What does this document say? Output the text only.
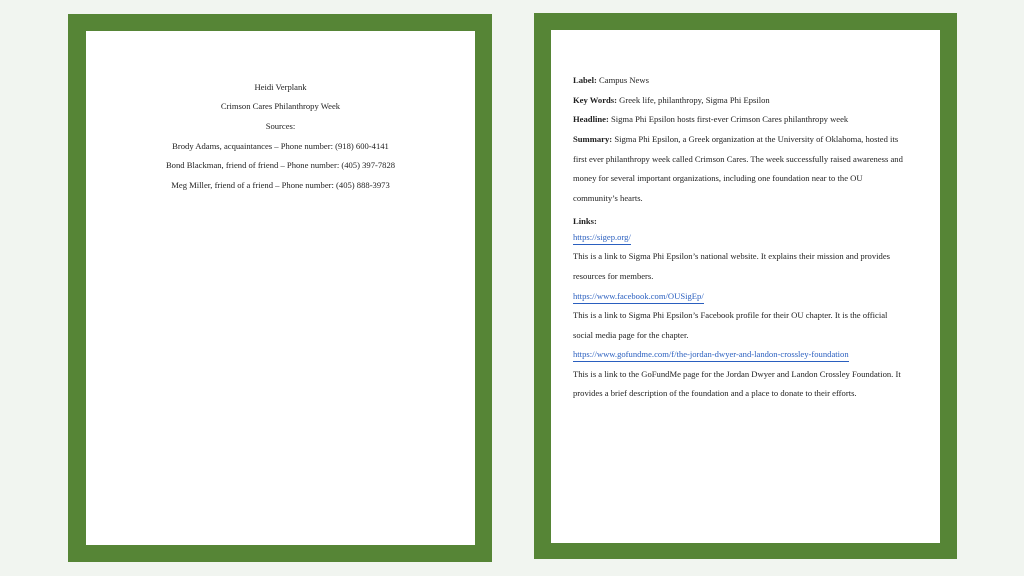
Heidi Verplank
Crimson Cares Philanthropy Week
Sources:
Brody Adams, acquaintances – Phone number: (918) 600-4141
Bond Blackman, friend of friend – Phone number: (405) 397-7828
Meg Miller, friend of a friend – Phone number: (405) 888-3973
Label: Campus News
Key Words: Greek life, philanthropy, Sigma Phi Epsilon
Headline: Sigma Phi Epsilon hosts first-ever Crimson Cares philanthropy week
Summary: Sigma Phi Epsilon, a Greek organization at the University of Oklahoma, hosted its
first ever philanthropy week called Crimson Cares. The week successfully raised awareness and
money for several important organizations, including one foundation near to the OU
community’s hearts.
Links:
https://sigep.org/
This is a link to Sigma Phi Epsilon’s national website. It explains their mission and provides
resources for members.
https://www.facebook.com/OUSigEp/
This is a link to Sigma Phi Epsilon’s Facebook profile for their OU chapter. It is the official
social media page for the chapter.
https://www.gofundme.com/f/the-jordan-dwyer-and-landon-crossley-foundation
This is a link to the GoFundMe page for the Jordan Dwyer and Landon Crossley Foundation. It
provides a brief description of the foundation and a place to donate to their efforts.
